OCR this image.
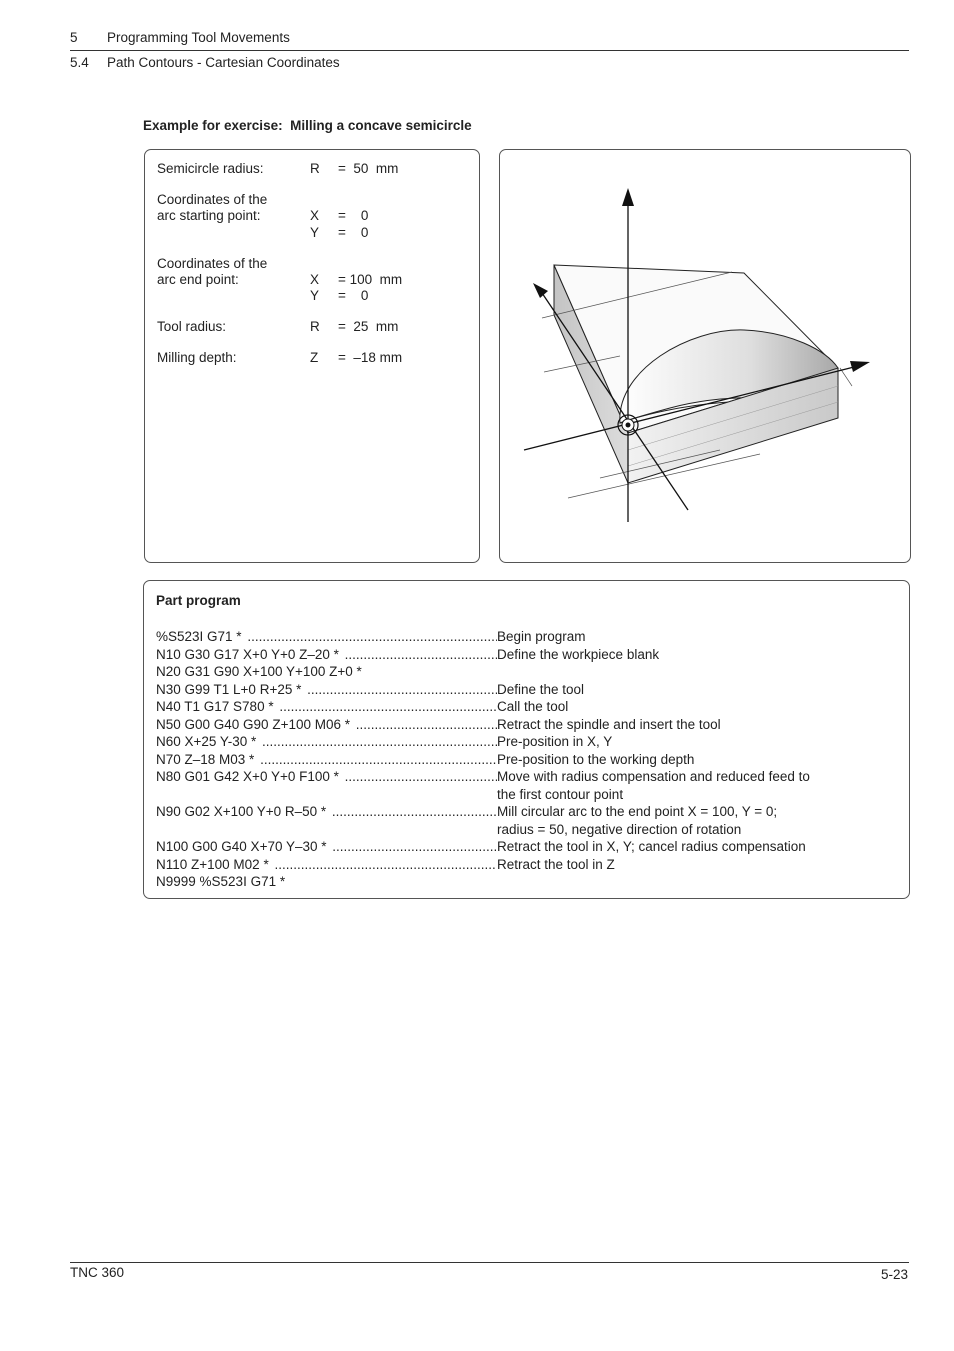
5 Programming Tool Movements
5.4 Path Contours - Cartesian Coordinates
Example for exercise:  Milling a concave semicircle
Semicircle radius:	R =  50  mm
Coordinates of the
arc starting point:	X =    0
Y =    0
Coordinates of the
arc end point:	X = 100  mm
Y =    0
Tool radius:	R =  25  mm
Milling depth:	Z =  –18 mm
Part program
%S523I G71 * .....	Begin program
N10 G30 G17 X+0 Y+0 Z–20 * .....	Define the workpiece blank
N20 G31 G90 X+100 Y+100 Z+0 *
N30 G99 T1 L+0 R+25 * .....	Define the tool
N40 T1 G17 S780 * .....	Call the tool
N50 G00 G40 G90 Z+100 M06 * .....	Retract the spindle and insert the tool
N60 X+25 Y-30 * .....	Pre-position in X, Y
N70 Z–18 M03 * .....	Pre-position to the working depth
N80 G01 G42 X+0 Y+0 F100 * .....	Move with radius compensation and reduced feed to
the first contour point
N90 G02 X+100 Y+0 R–50 * .....	Mill circular arc to the end point X = 100, Y = 0;
radius = 50, negative direction of rotation
N100 G00 G40 X+70 Y–30 * .....	Retract the tool in X, Y; cancel radius compensation
N110 Z+100 M02 * .....	Retract the tool in Z
N9999 %S523I G71 *
TNC 360	5-23
